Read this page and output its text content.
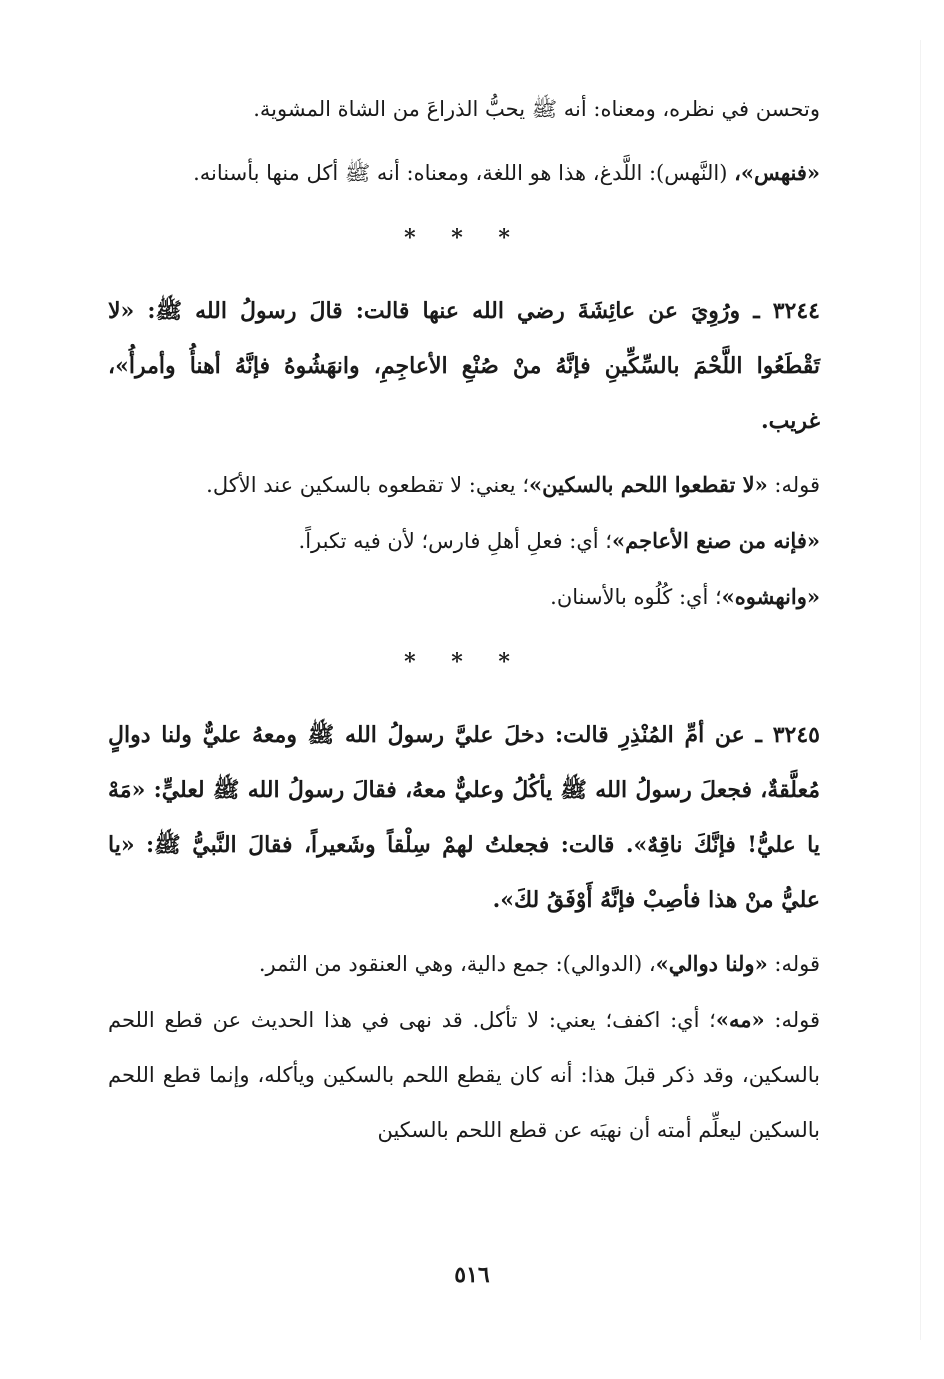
وتحسن في نظره، ومعناه: أنه ﷺ يحبُّ الذراعَ من الشاة المشوية.

«فنهس»، (النَّهس): اللَّدغ، هذا هو اللغة، ومعناه: أنه ﷺ أكل منها بأسنانه.

* * *

٣٢٤٤ ـ ورُوِيَ عن عائِشَةَ رضي الله عنها قالت: قالَ رسولُ الله ﷺ: «لا تَقْطَعُوا اللَّحْمَ بالسِّكِّينِ فإنَّهُ منْ صُنْعِ الأعاجِمِ، وانهَشُوهُ فإنَّهُ أهنأُ وأمرأُ»، غريب.

قوله: «لا تقطعوا اللحم بالسكين»؛ يعني: لا تقطعوه بالسكين عند الأكل.

«فإنه من صنع الأعاجم»؛ أي: فعلِ أهلِ فارس؛ لأن فيه تكبراً.

«وانهشوه»؛ أي: كُلُوه بالأسنان.

* * *

٣٢٤٥ ـ عن أمِّ المُنْذِرِ قالت: دخلَ عليَّ رسولُ الله ﷺ ومعهُ عليٌّ ولنا دوالٍ مُعلَّقةٌ، فجعلَ رسولُ الله ﷺ يأكُلُ وعليٌّ معهُ، فقالَ رسولُ الله ﷺ لعليٍّ: «مَهْ يا عليُّ! فإنَّكَ ناقِهٌ». قالت: فجعلتُ لهمْ سِلْقاً وشَعيراً، فقالَ النَّبيُّ ﷺ: «يا عليُّ منْ هذا فأصِبْ فإنَّهُ أَوْفَقُ لكَ».

قوله: «ولنا دوالي»، (الدوالي): جمع دالية، وهي العنقود من الثمر.

قوله: «مه»؛ أي: اكفف؛ يعني: لا تأكل. قد نهى في هذا الحديث عن قطع اللحم بالسكين، وقد ذكر قبلَ هذا: أنه كان يقطع اللحم بالسكين ويأكله، وإنما قطع اللحم بالسكين ليعلِّم أمته أن نهيَه عن قطع اللحم بالسكين

٥١٦
